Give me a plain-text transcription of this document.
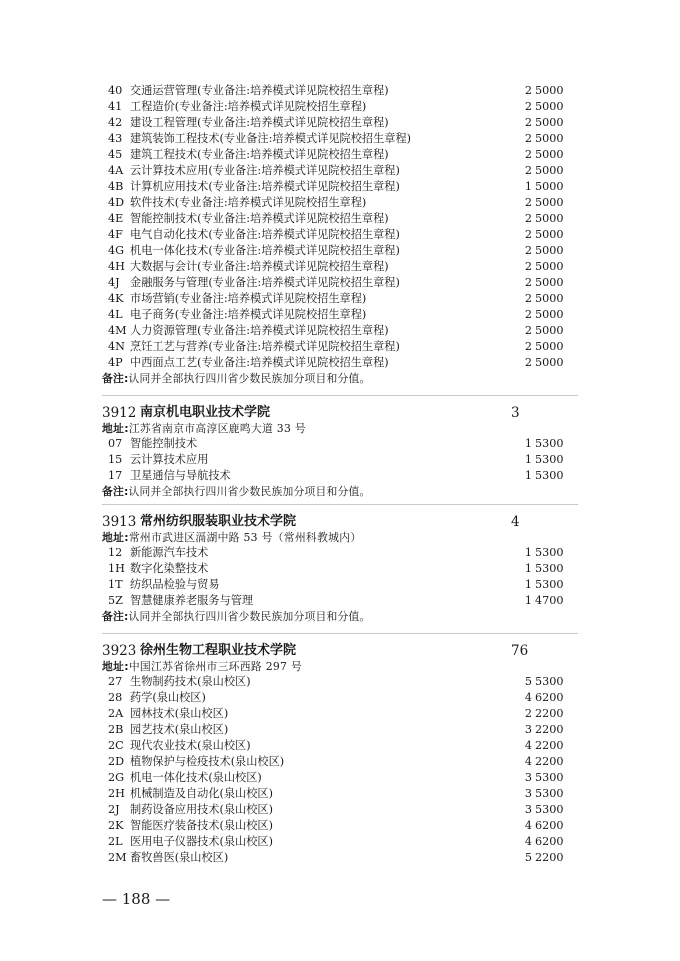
40 交通运营管理(专业备注:培养模式详见院校招生章程)	2 5000
41 工程造价(专业备注:培养模式详见院校招生章程)	2 5000
42 建设工程管理(专业备注:培养模式详见院校招生章程)	2 5000
43 建筑装饰工程技术(专业备注:培养模式详见院校招生章程)	2 5000
45 建筑工程技术(专业备注:培养模式详见院校招生章程)	2 5000
4A 云计算技术应用(专业备注:培养模式详见院校招生章程)	2 5000
4B 计算机应用技术(专业备注:培养模式详见院校招生章程)	1 5000
4D 软件技术(专业备注:培养模式详见院校招生章程)	2 5000
4E 智能控制技术(专业备注:培养模式详见院校招生章程)	2 5000
4F 电气自动化技术(专业备注:培养模式详见院校招生章程)	2 5000
4G 机电一体化技术(专业备注:培养模式详见院校招生章程)	2 5000
4H 大数据与会计(专业备注:培养模式详见院校招生章程)	2 5000
4J 金融服务与管理(专业备注:培养模式详见院校招生章程)	2 5000
4K 市场营销(专业备注:培养模式详见院校招生章程)	2 5000
4L 电子商务(专业备注:培养模式详见院校招生章程)	2 5000
4M 人力资源管理(专业备注:培养模式详见院校招生章程)	2 5000
4N 烹饪工艺与营养(专业备注:培养模式详见院校招生章程)	2 5000
4P 中西面点工艺(专业备注:培养模式详见院校招生章程)	2 5000
备注:认同并全部执行四川省少数民族加分项目和分值。
3912 南京机电职业技术学院	3
地址:江苏省南京市高淳区鹿鸣大道 33 号
07 智能控制技术	1 5300
15 云计算技术应用	1 5300
17 卫星通信与导航技术	1 5300
备注:认同并全部执行四川省少数民族加分项目和分值。
3913 常州纺织服装职业技术学院	4
地址:常州市武进区滆湖中路 53 号（常州科教城内）
12 新能源汽车技术	1 5300
1H 数字化染整技术	1 5300
1T 纺织品检验与贸易	1 5300
5Z 智慧健康养老服务与管理	1 4700
备注:认同并全部执行四川省少数民族加分项目和分值。
3923 徐州生物工程职业技术学院	76
地址:中国江苏省徐州市三环西路 297 号
27 生物制药技术(泉山校区)	5 5300
28 药学(泉山校区)	4 6200
2A 园林技术(泉山校区)	2 2200
2B 园艺技术(泉山校区)	3 2200
2C 现代农业技术(泉山校区)	4 2200
2D 植物保护与检疫技术(泉山校区)	4 2200
2G 机电一体化技术(泉山校区)	3 5300
2H 机械制造及自动化(泉山校区)	3 5300
2J 制药设备应用技术(泉山校区)	3 5300
2K 智能医疗装备技术(泉山校区)	4 6200
2L 医用电子仪器技术(泉山校区)	4 6200
2M 畜牧兽医(泉山校区)	5 2200
— 188 —
